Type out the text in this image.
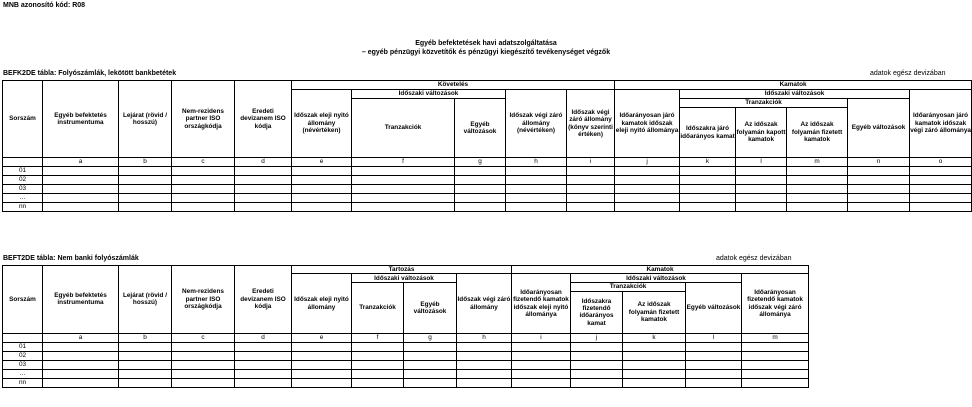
MNB azonosító kód: R08
Egyéb befektetések havi adatszolgáltatása
– egyéb pénzügyi közvetítők és pénzügyi kiegészítő tevékenységet végzők
BEFK2DE tábla: Folyószámlák, lekötött bankbetétek	adatok egész devizában
Sorszám	Egyéb befektetés instrumentuma	Lejárat (rövid / hosszú)	Nem-rezidens partner ISO országkódja	Eredeti devizanem ISO kódja	Követelés					Kamatok					
					Időszak eleji nyitó állomány (névértéken)	Időszaki változások		Időszak végi záró állomány (névértéken)	Időszak végi záró állomány (könyv szerinti értéken)	Időarányosan járó kamatok időszak eleji nyitó állománya	Időszaki változások				Időarányosan járó kamatok időszak végi záró állománya
						Tranzakciók	Egyéb változások				Tranzakciók			Egyéb változások	
											Időszakra járó időarányos kamat	Az időszak folyamán kapott kamatok	Az időszak folyamán fizetett kamatok		
	a	b	c	d	e	f	g	h	i	j	k	l	m	n	o
01															
02															
03															
…															
nn															
BEFT2DE tábla: Nem banki folyószámlák	adatok egész devizában
Sorszám	Egyéb befektetés instrumentuma	Lejárat (rövid / hosszú)	Nem-rezidens partner ISO országkódja	Eredeti devizanem ISO kódja	Tartozás				Kamatok				
					Időszak eleji nyitó állomány	Időszaki változások		Időszak végi záró állomány	Időarányosan fizetendő kamatok időszak eleji nyitó állománya	Időszaki változások			Időarányosan fizetendő kamatok időszak végi záró állománya
						Tranzakciók	Egyéb változások			Tranzakciók		Egyéb változások	
										Időszakra fizetendő időarányos kamat	Az időszak folyamán fizetett kamatok		
	a	b	c	d	e	f	g	h	i	j	k	l	m
01													
02													
03													
…													
nn													
